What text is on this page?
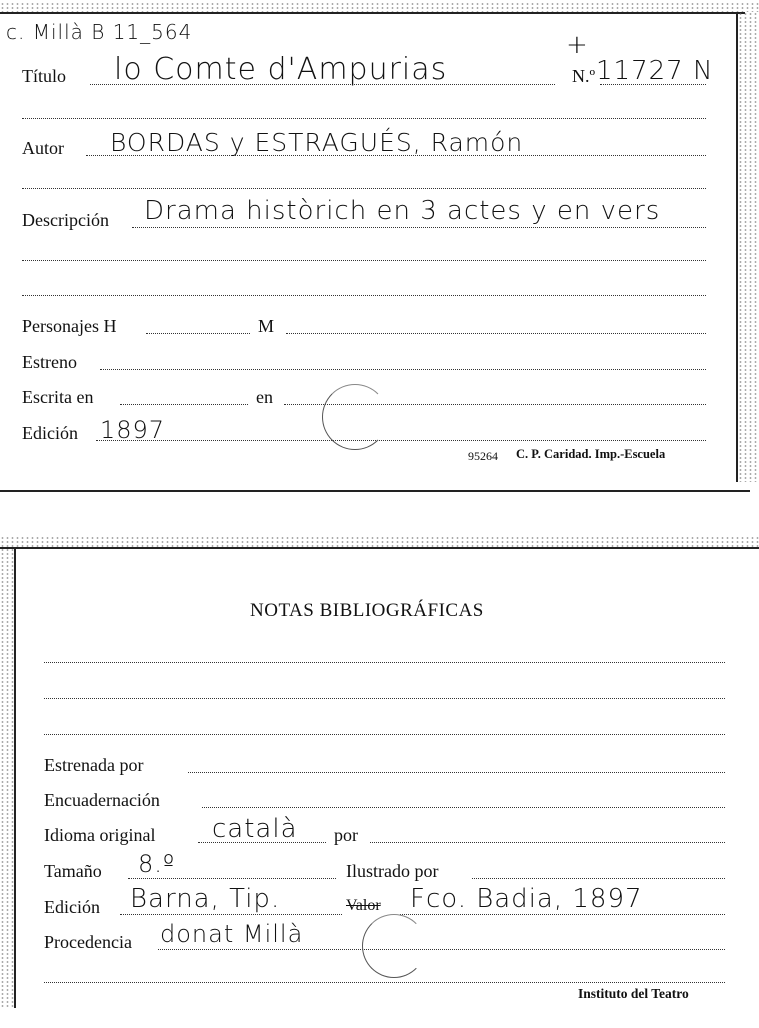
c. Millà B 11_564
Título lo Comte d'Ampurias
+
N.º 11727 N
Autor BORDAS y ESTRAGUÉS, Ramón
Descripción Drama històrich en 3 actes y en vers
Personajes H	M
Estreno
Escrita en	en
Edición 1897
95264 C. P. Caridad. Imp.-Escuela
NOTAS BIBLIOGRÁFICAS
Estrenada por
Encuadernación
Idioma original català por
Tamaño 8.º	Ilustrado por
Edición Barna, Tip.	Valor Fco. Badia, 1897
Procedencia donat Millà
Instituto del Teatro
